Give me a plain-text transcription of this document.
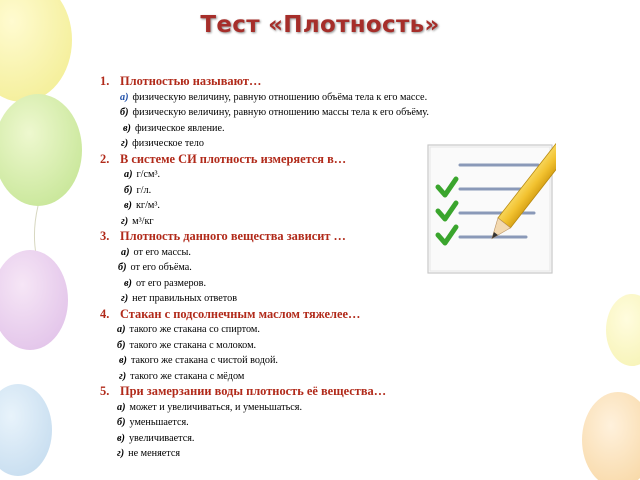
Тест «Плотность»
1. Плотностью называют…
а) физическую величину, равную отношению объёма тела к его массе.
б) физическую величину, равную отношению массы тела к его объёму.
в) физическое явление.
г) физическое тело
2. В системе СИ плотность измеряется в…
а) г/см³.
б) г/л.
в) кг/м³.
г) м³/кг
3. Плотность данного вещества зависит …
а) от его массы.
б) от его объёма.
в) от его размеров.
г) нет правильных ответов
4. Стакан с подсолнечным маслом тяжелее…
а) такого же стакана со спиртом.
б) такого же стакана с молоком.
в) такого же стакана с чистой водой.
г) такого же стакана с мёдом
5. При замерзании воды плотность её вещества…
а) может и увеличиваться, и уменьшаться.
б) уменьшается.
в) увеличивается.
г) не меняется
